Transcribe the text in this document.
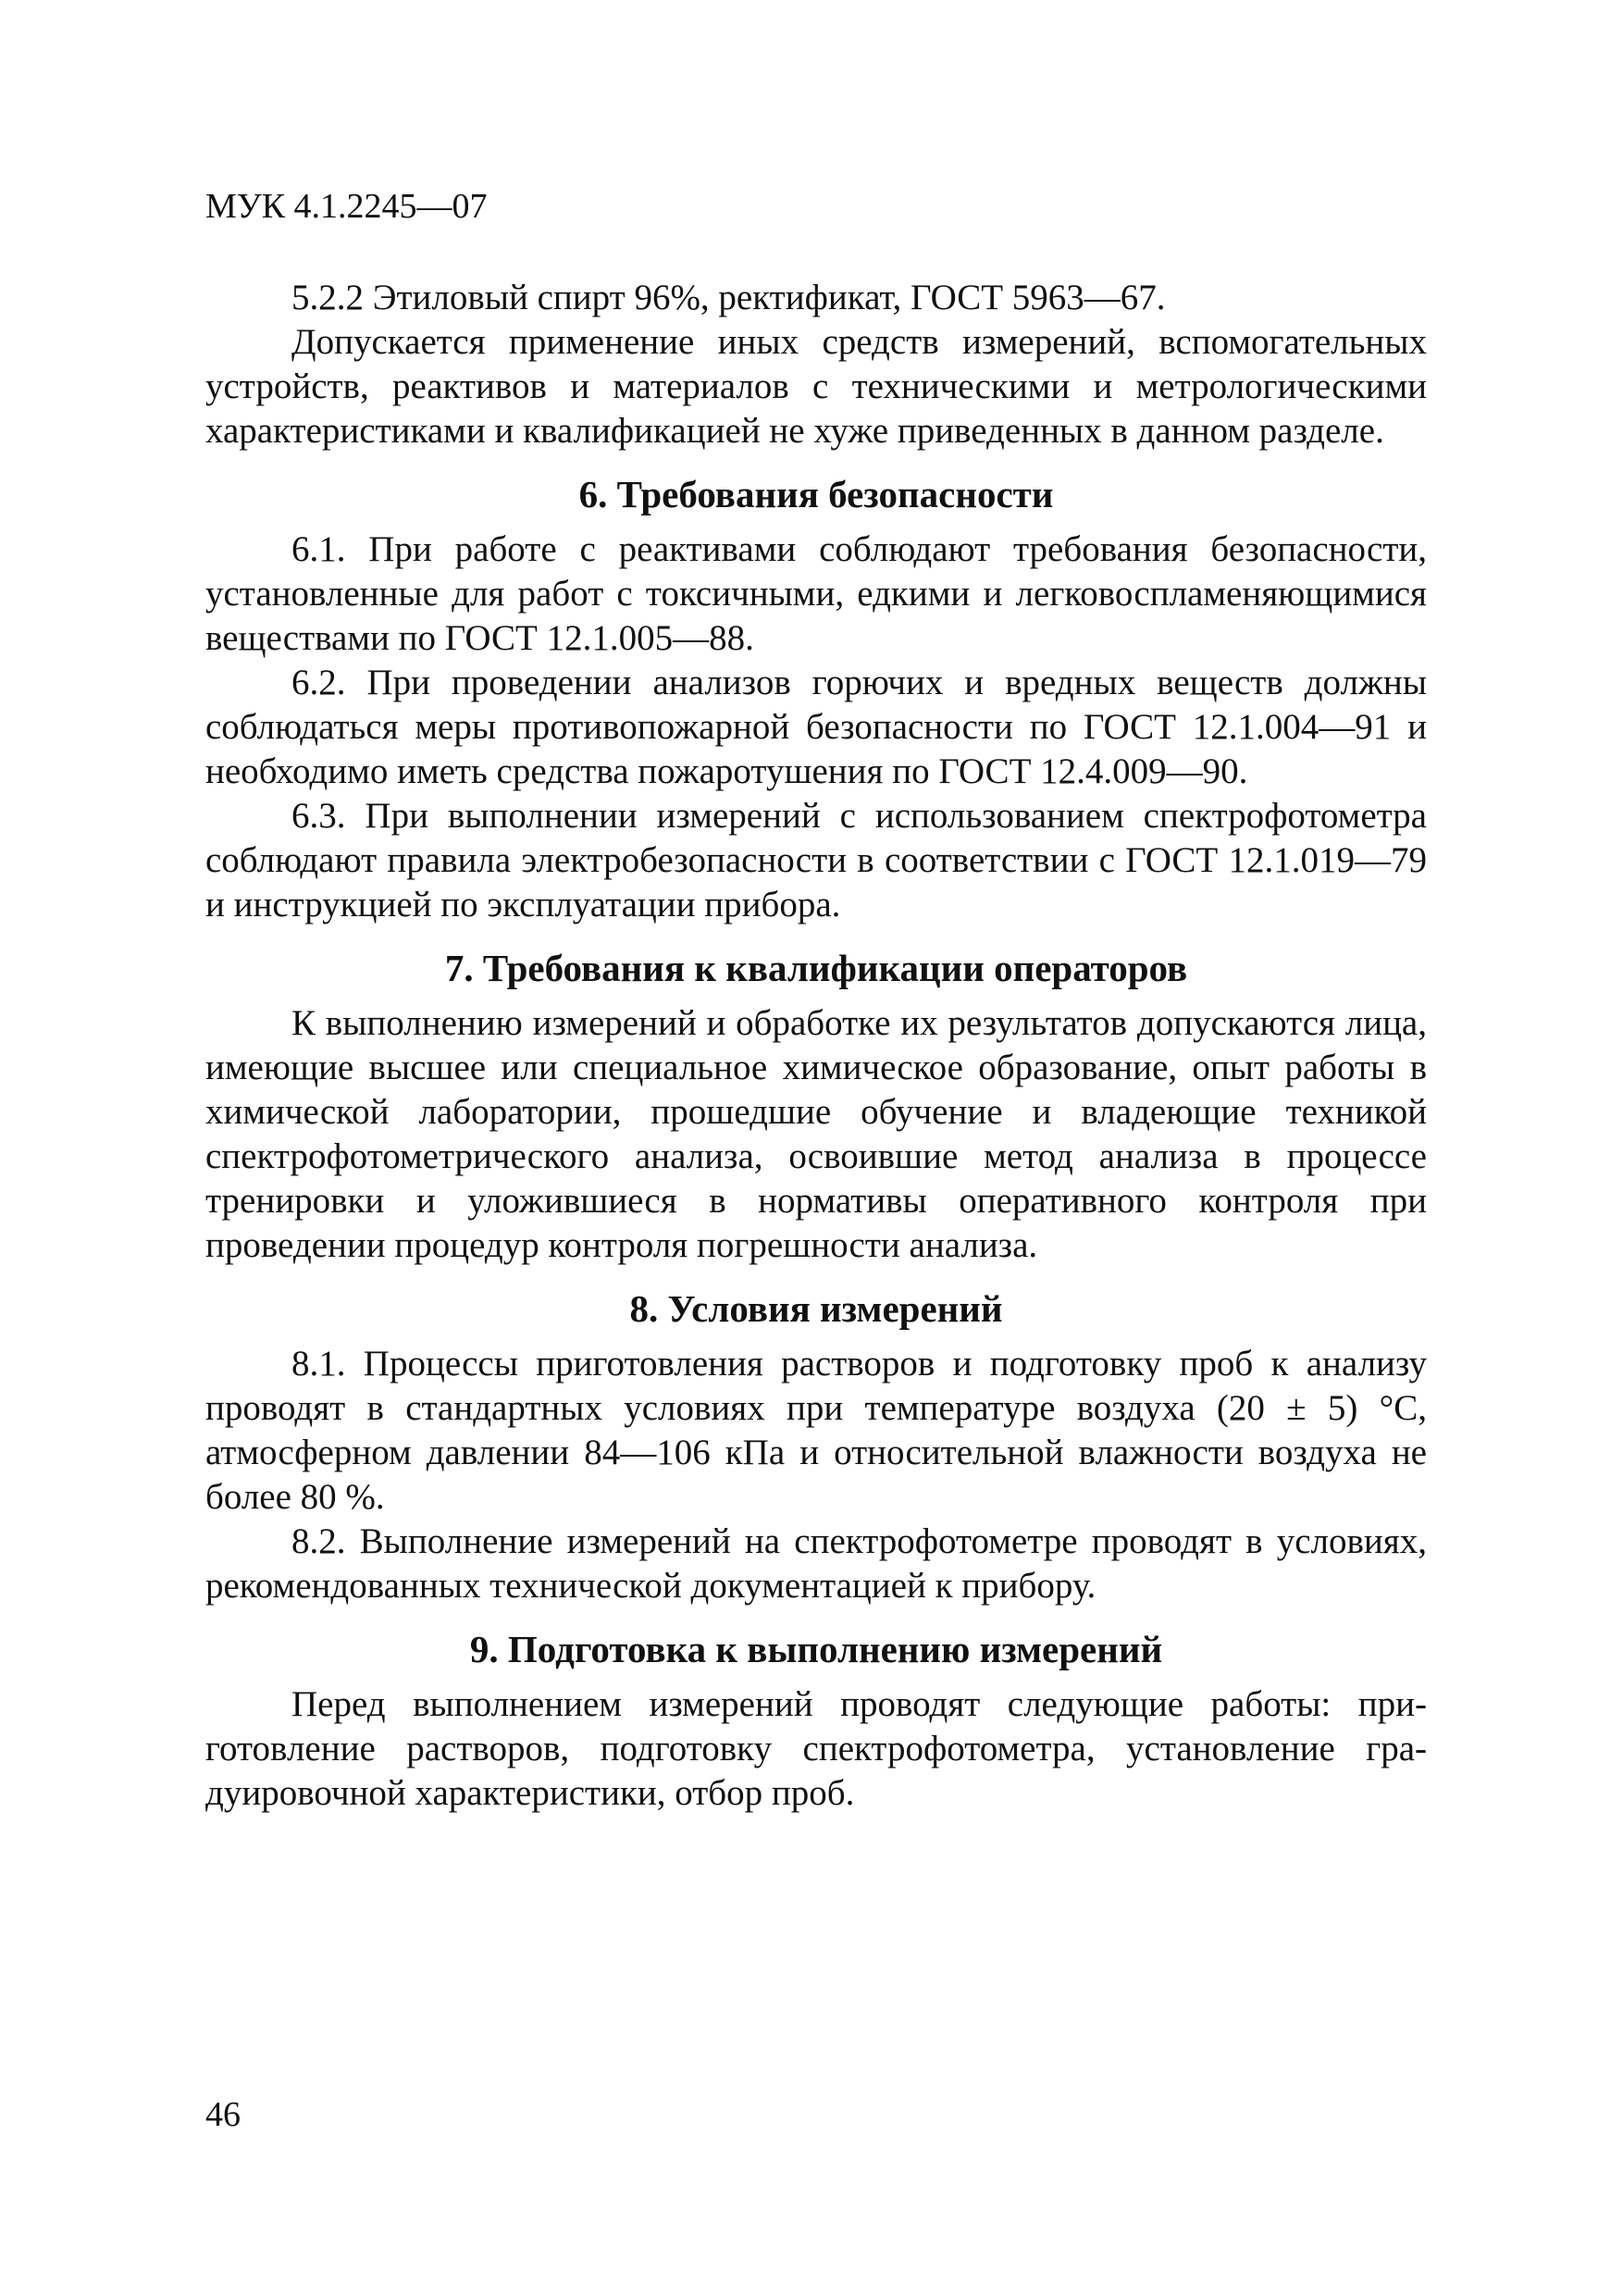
МУК 4.1.2245—07

5.2.2 Этиловый спирт 96%, ректификат, ГОСТ 5963—67.

Допускается применение иных средств измерений, вспомогательных устройств, реактивов и материалов с техническими и метрологическими характеристиками и квалификацией не хуже приведенных в данном разделе.

6. Требования безопасности

6.1. При работе с реактивами соблюдают требования безопасности, установленные для работ с токсичными, едкими и легковоспламеняющимися веществами по ГОСТ 12.1.005—88.

6.2. При проведении анализов горючих и вредных веществ должны соблюдаться меры противопожарной безопасности по ГОСТ 12.1.004—91 и необходимо иметь средства пожаротушения по ГОСТ 12.4.009—90.

6.3. При выполнении измерений с использованием спектрофотометра соблюдают правила электробезопасности в соответствии с ГОСТ 12.1.019—79 и инструкцией по эксплуатации прибора.

7. Требования к квалификации операторов

К выполнению измерений и обработке их результатов допускаются лица, имеющие высшее или специальное химическое образование, опыт работы в химической лаборатории, прошедшие обучение и владеющие техникой спектрофотометрического анализа, освоившие метод анализа в процессе тренировки и уложившиеся в нормативы оперативного контроля при проведении процедур контроля погрешности анализа.

8. Условия измерений

8.1. Процессы приготовления растворов и подготовку проб к анализу проводят в стандартных условиях при температуре воздуха (20 ± 5) °С, атмосферном давлении 84—106 кПа и относительной влажности воздуха не более 80 %.

8.2. Выполнение измерений на спектрофотометре проводят в условиях, рекомендованных технической документацией к прибору.

9. Подготовка к выполнению измерений

Перед выполнением измерений проводят следующие работы: приготовление растворов, подготовку спектрофотометра, установление градуировочной характеристики, отбор проб.

46
